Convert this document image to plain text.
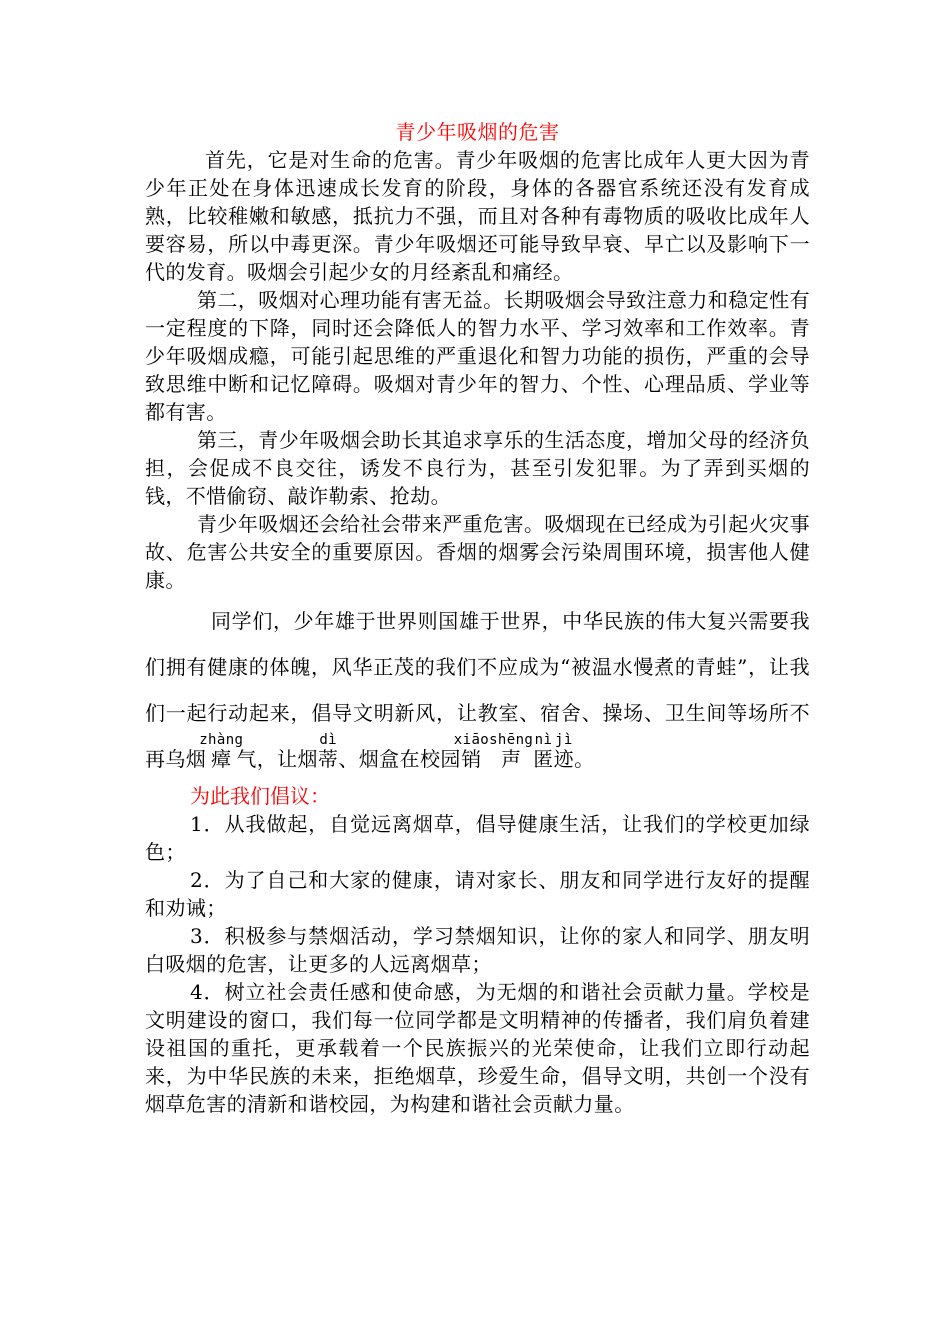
青少年吸烟的危害

首先，它是对生命的危害。青少年吸烟的危害比成年人更大因为青少年正处在身体迅速成长发育的阶段，身体的各器官系统还没有发育成熟，比较稚嫩和敏感，抵抗力不强，而且对各种有毒物质的吸收比成年人要容易，所以中毒更深。青少年吸烟还可能导致早衰、早亡以及影响下一代的发育。吸烟会引起少女的月经紊乱和痛经。

第二，吸烟对心理功能有害无益。长期吸烟会导致注意力和稳定性有一定程度的下降，同时还会降低人的智力水平、学习效率和工作效率。青少年吸烟成瘾，可能引起思维的严重退化和智力功能的损伤，严重的会导致思维中断和记忆障碍。吸烟对青少年的智力、个性、心理品质、学业等都有害。

第三，青少年吸烟会助长其追求享乐的生活态度，增加父母的经济负担，会促成不良交往，诱发不良行为，甚至引发犯罪。为了弄到买烟的钱，不惜偷窃、敲诈勒索、抢劫。

青少年吸烟还会给社会带来严重危害。吸烟现在已经成为引起火灾事故、危害公共安全的重要原因。香烟的烟雾会污染周围环境，损害他人健康。

同学们，少年雄于世界则国雄于世界，中华民族的伟大复兴需要我们拥有健康的体魄，风华正茂的我们不应成为“被温水慢煮的青蛙”，让我们一起行动起来，倡导文明新风，让教室、宿舍、操场、卫生间等场所不再乌烟瘴zhàng气，让烟蒂dì、烟盒在校园销xiāo声shēng匿nì迹jì。

为此我们倡议：

1．从我做起，自觉远离烟草，倡导健康生活，让我们的学校更加绿色；

2．为了自己和大家的健康，请对家长、朋友和同学进行友好的提醒和劝诫；

3．积极参与禁烟活动，学习禁烟知识，让你的家人和同学、朋友明白吸烟的危害，让更多的人远离烟草；

4．树立社会责任感和使命感，为无烟的和谐社会贡献力量。学校是文明建设的窗口，我们每一位同学都是文明精神的传播者，我们肩负着建设祖国的重托，更承载着一个民族振兴的光荣使命，让我们立即行动起来，为中华民族的未来，拒绝烟草，珍爱生命，倡导文明，共创一个没有烟草危害的清新和谐校园，为构建和谐社会贡献力量。
